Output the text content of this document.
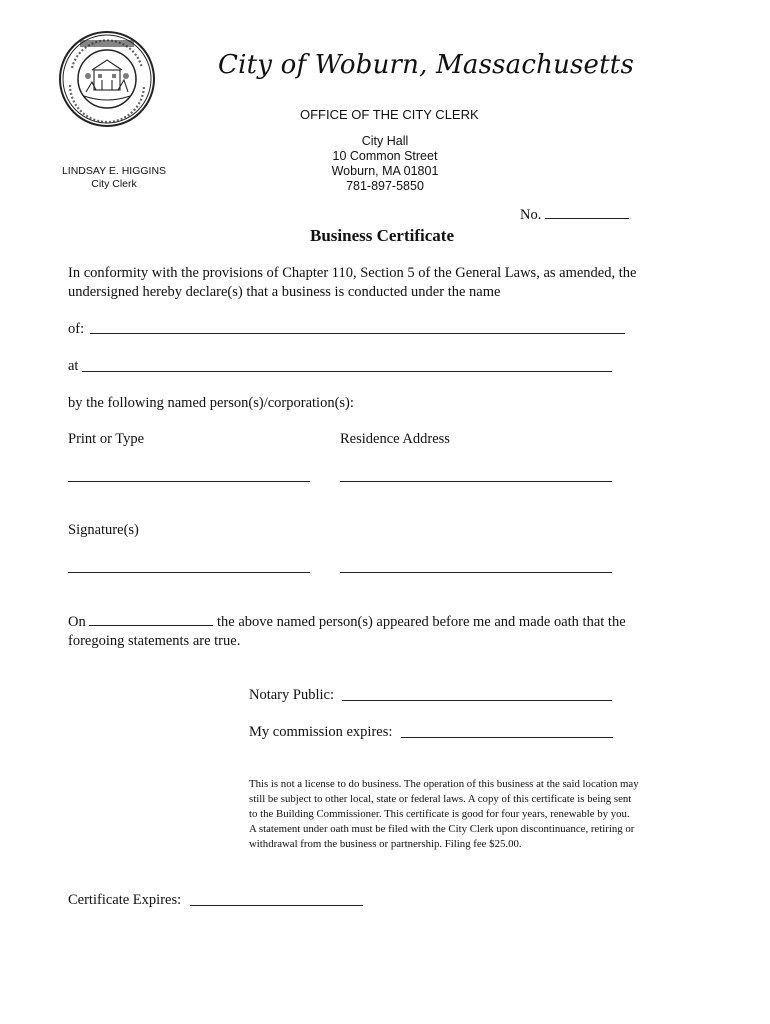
City of Woburn, Massachusetts
OFFICE OF THE CITY CLERK
City Hall
10 Common Street
Woburn, MA 01801
781-897-5850
LINDSAY E. HIGGINS
City Clerk
No.
Business Certificate
In conformity with the provisions of Chapter 110, Section 5 of the General Laws, as amended, the
undersigned hereby declare(s) that a business is conducted under the name
of:
at
by the following named person(s)/corporation(s):
Print or Type	Residence Address
Signature(s)
On	the above named person(s) appeared before me and made oath that the
foregoing statements are true.
Notary Public:
My commission expires:
This is not a license to do business. The operation of this business at the said location may
still be subject to other local, state or federal laws. A copy of this certificate is being sent
to the Building Commissioner. This certificate is good for four years, renewable by you.
A statement under oath must be filed with the City Clerk upon discontinuance, retiring or
withdrawal from the business or partnership. Filing fee $25.00.
Certificate Expires:
